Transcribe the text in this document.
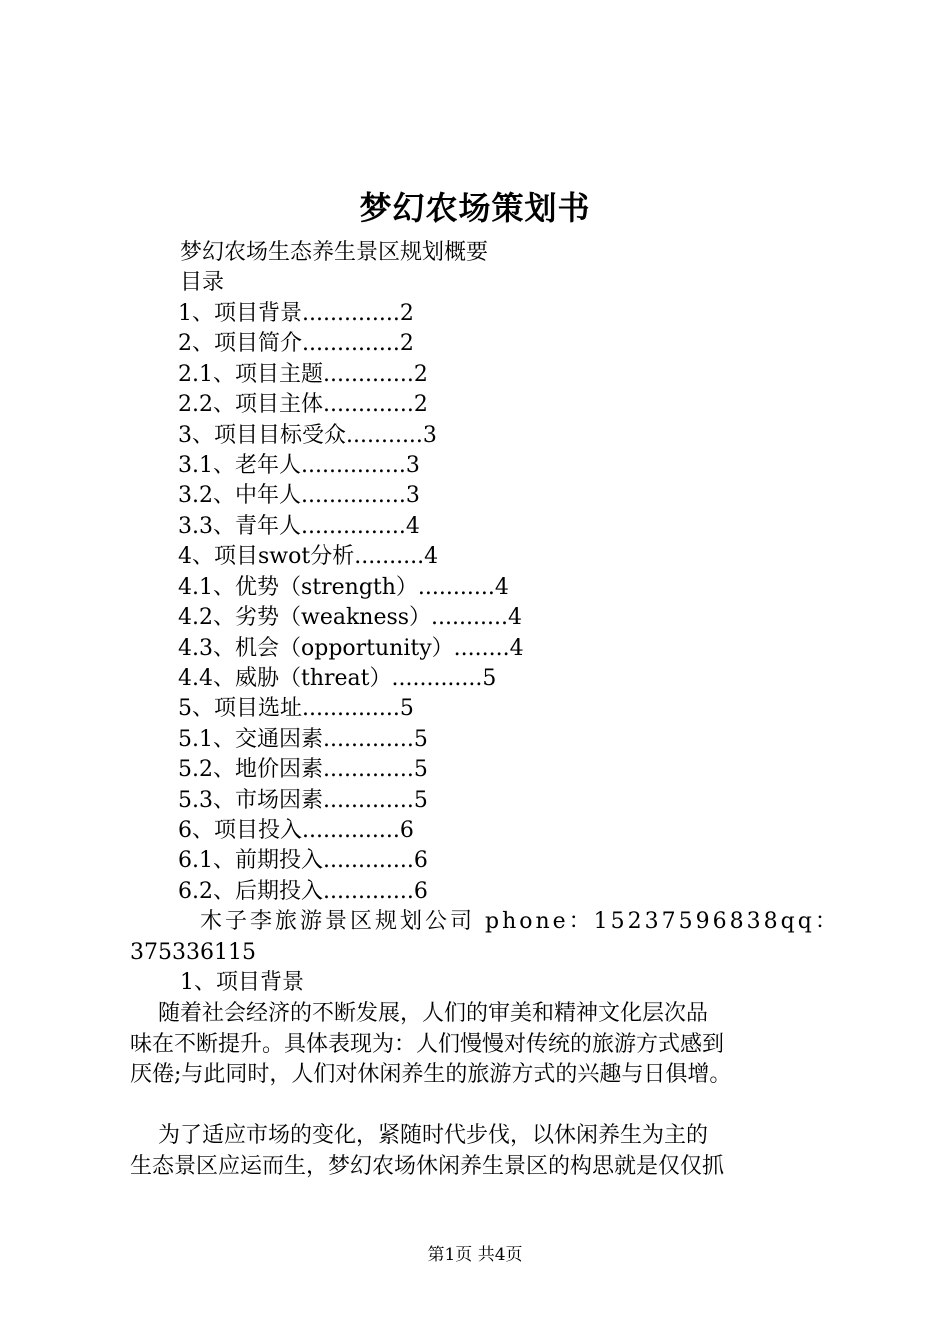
梦幻农场策划书
梦幻农场生态养生景区规划概要
目录
1、项目背景..............2
2、项目简介..............2
2.1、项目主题.............2
2.2、项目主体.............2
3、项目目标受众...........3
3.1、老年人...............3
3.2、中年人...............3
3.3、青年人...............4
4、项目swot分析..........4
4.1、优势（strength）...........4
4.2、劣势（weakness）...........4
4.3、机会（opportunity）........4
4.4、威胁（threat）.............5
5、项目选址..............5
5.1、交通因素.............5
5.2、地价因素.............5
5.3、市场因素.............5
6、项目投入..............6
6.1、前期投入.............6
6.2、后期投入.............6
木子李旅游景区规划公司 phone：15237596838qq：
375336115
1、项目背景
随着社会经济的不断发展，人们的审美和精神文化层次品
味在不断提升。具体表现为：人们慢慢对传统的旅游方式感到
厌倦;与此同时，人们对休闲养生的旅游方式的兴趣与日俱增。
为了适应市场的变化，紧随时代步伐，以休闲养生为主的
生态景区应运而生，梦幻农场休闲养生景区的构思就是仅仅抓
第1页 共4页
